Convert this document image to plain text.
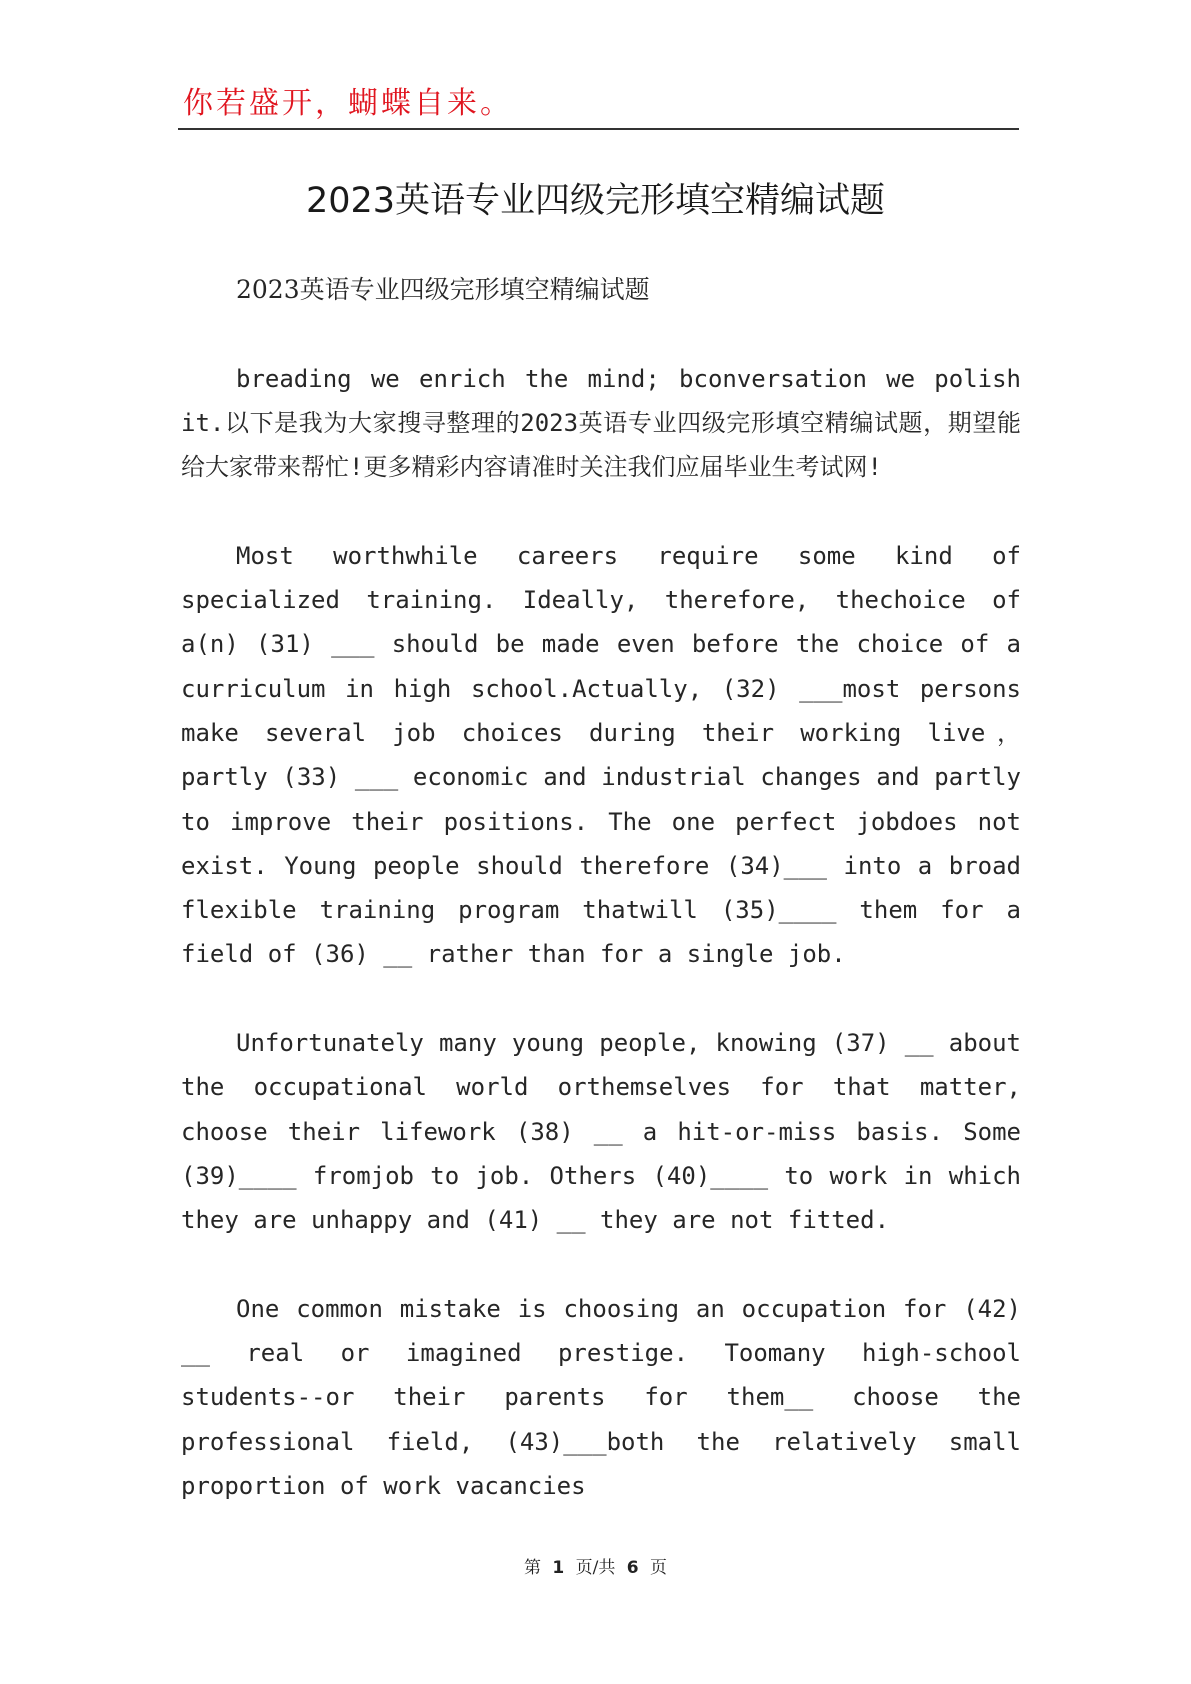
你若盛开，蝴蝶自来。
2023英语专业四级完形填空精编试题

2023英语专业四级完形填空精编试题

breading we enrich the mind; bconversation we polish it.以下是我为大家搜寻整理的2023英语专业四级完形填空精编试题，期望能给大家带来帮忙!更多精彩内容请准时关注我们应届毕业生考试网!

Most worthwhile careers require some kind of specialized training. Ideally, therefore, thechoice of a(n) (31) ___ should be made even before the choice of a curriculum in high school.Actually, (32) ___most persons make several job choices during their working live， partly (33) ___ economic and industrial changes and partly to improve their positions. The one perfect jobdoes not exist. Young people should therefore (34)___ into a broad flexible training program thatwill (35)____ them for a field of (36) __ rather than for a single job.

Unfortunately many young people, knowing (37) __ about the occupational world orthemselves for that matter, choose their lifework (38) __ a hit-or-miss basis. Some (39)____ fromjob to job. Others (40)____ to work in which they are unhappy and (41) __ they are not fitted.

One common mistake is choosing an occupation for (42) __ real or imagined prestige. Toomany high-school students--or their parents for them__ choose the professional field, (43)___both the relatively small proportion of work vacancies

第 1 页/共 6 页
